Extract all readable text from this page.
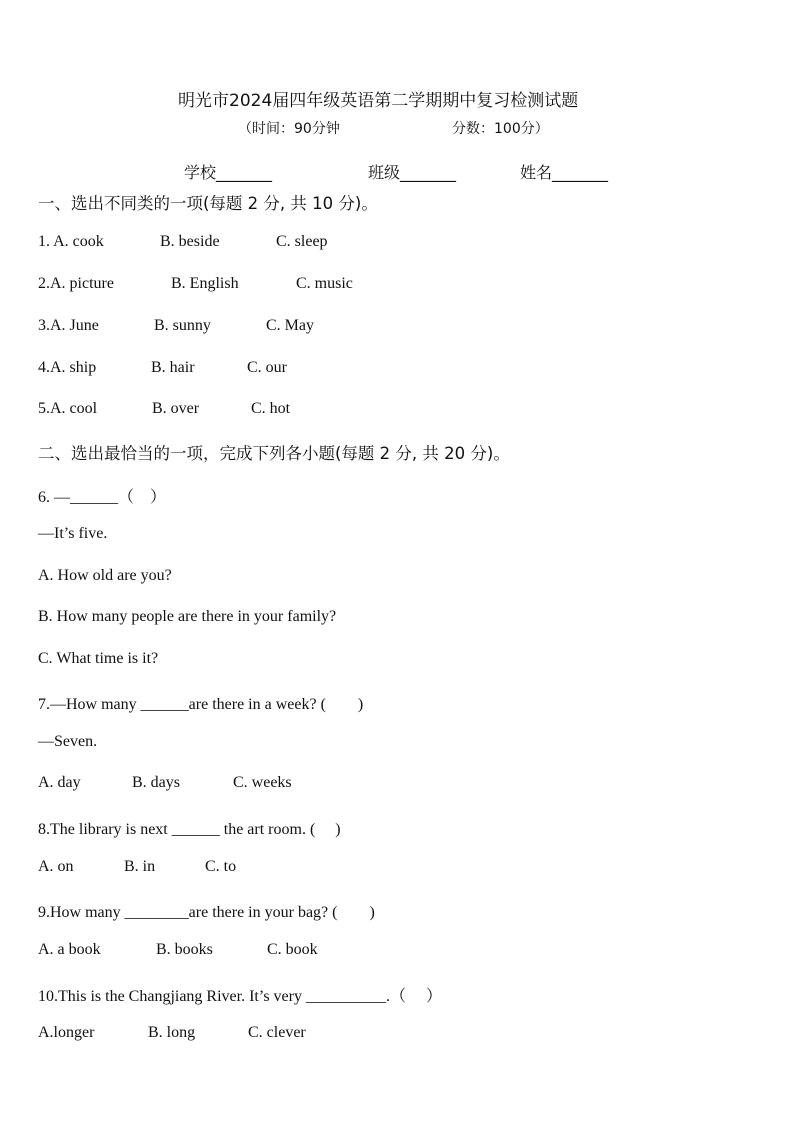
明光市2024届四年级英语第二学期期中复习检测试题
（时间：90分钟	分数：100分）
学校_______	班级_______	姓名_______
一、选出不同类的一项(每题 2 分, 共 10 分)。
1. A. cook	B. beside	C. sleep
2.A. picture	B. English	C. music
3.A. June	B. sunny	C. May
4.A. ship	B. hair	C. our
5.A. cool	B. over	C. hot
二、选出最恰当的一项，完成下列各小题(每题 2 分, 共 20 分)。
6. —______（　）
—It’s five.
A. How old are you?
B. How many people are there in your family?
C. What time is it?
7.—How many ______are there in a week? (　　)
—Seven.
A. day	B. days	C. weeks
8.The library is next ______ the art room. (　 )
A. on	B. in	C. to
9.How many ________are there in your bag? (　　)
A. a book	B. books	C. book
10.This is the Changjiang River. It’s very __________.（　 ）
A.longer	B. long	C. clever
